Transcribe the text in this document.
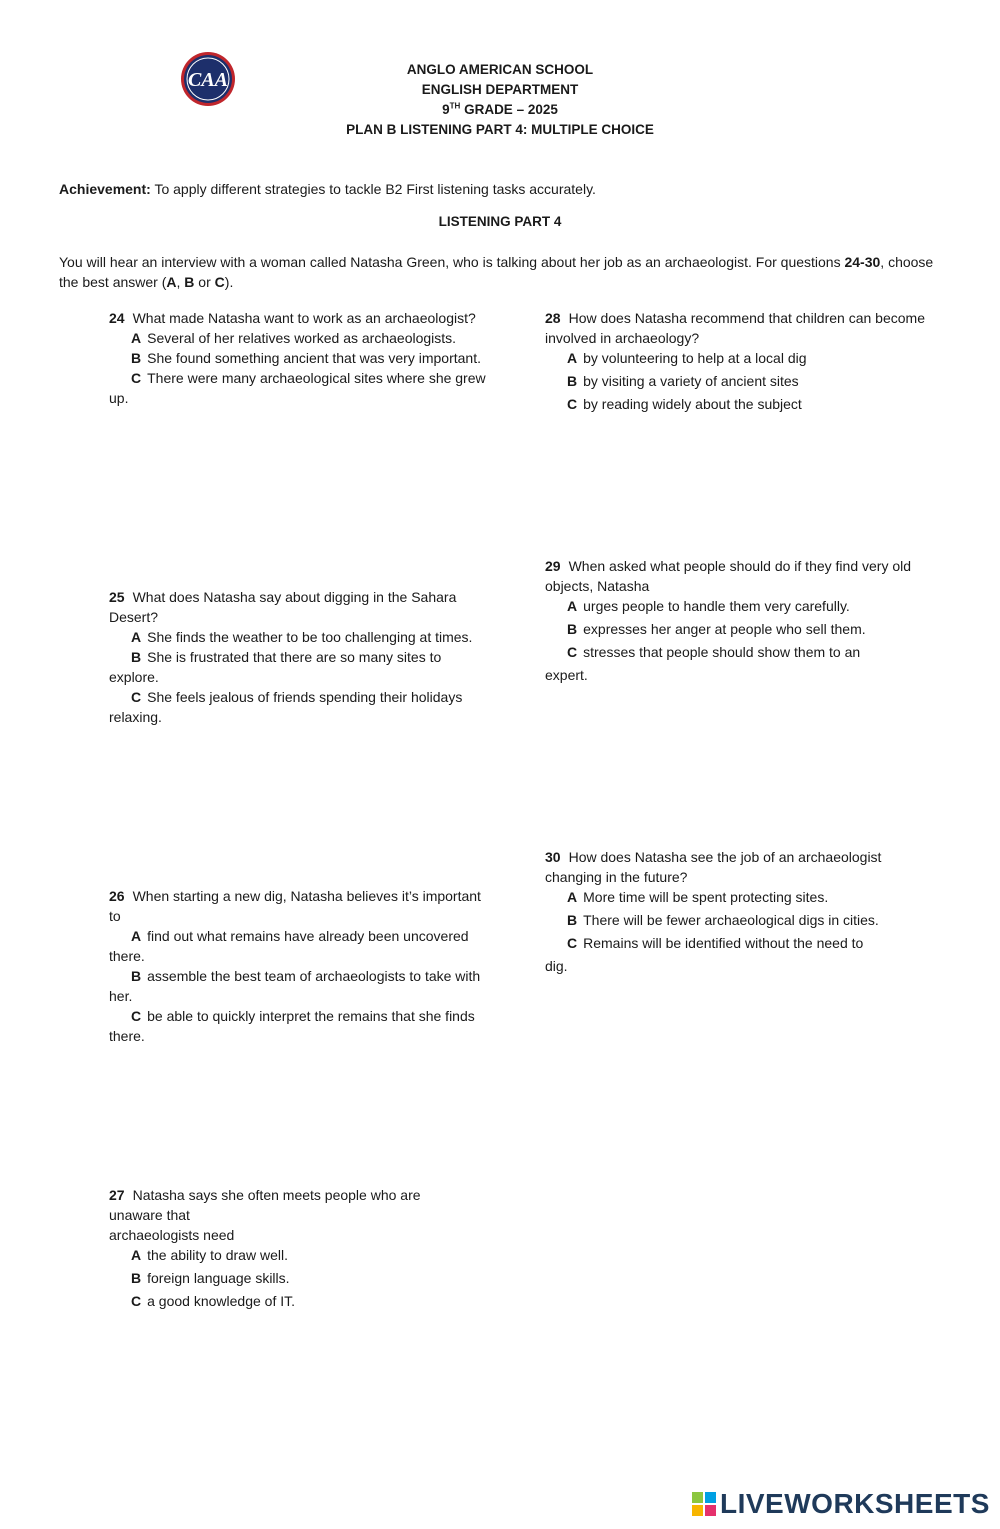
CAA	ANGLO AMERICAN SCHOOL
ENGLISH DEPARTMENT
9TH GRADE – 2025
PLAN B LISTENING PART 4: MULTIPLE CHOICE
Achievement: To apply different strategies to tackle B2 First listening tasks accurately.
LISTENING PART 4
You will hear an interview with a woman called Natasha Green, who is talking about her job as an archaeologist. For questions 24-30, choose the best answer (A, B or C).

24 What made Natasha want to work as an archaeologist?

A Several of her relatives worked as archaeologists.

B She found something ancient that was very important.

C There were many archaeological sites where she grew up.

25 What does Natasha say about digging in the Sahara Desert?

A She finds the weather to be too challenging at times.

B She is frustrated that there are so many sites to explore.

C She feels jealous of friends spending their holidays relaxing.

26 When starting a new dig, Natasha believes it’s important to

A find out what remains have already been uncovered there.

B assemble the best team of archaeologists to take with her.

C be able to quickly interpret the remains that she finds there.

27 Natasha says she often meets people who are unaware that

archaeologists need

A the ability to draw well.

B foreign language skills.

C a good knowledge of IT.

28 How does Natasha recommend that children can become involved in archaeology?

A by volunteering to help at a local dig

B by visiting a variety of ancient sites

C by reading widely about the subject

29 When asked what people should do if they find very old objects, Natasha

A urges people to handle them very carefully.

B expresses her anger at people who sell them.

C stresses that people should show them to an

expert.

30 How does Natasha see the job of an archaeologist changing in the future?

A More time will be spent protecting sites.

B There will be fewer archaeological digs in cities.

C Remains will be identified without the need to

dig.

LIVEWORKSHEETS
